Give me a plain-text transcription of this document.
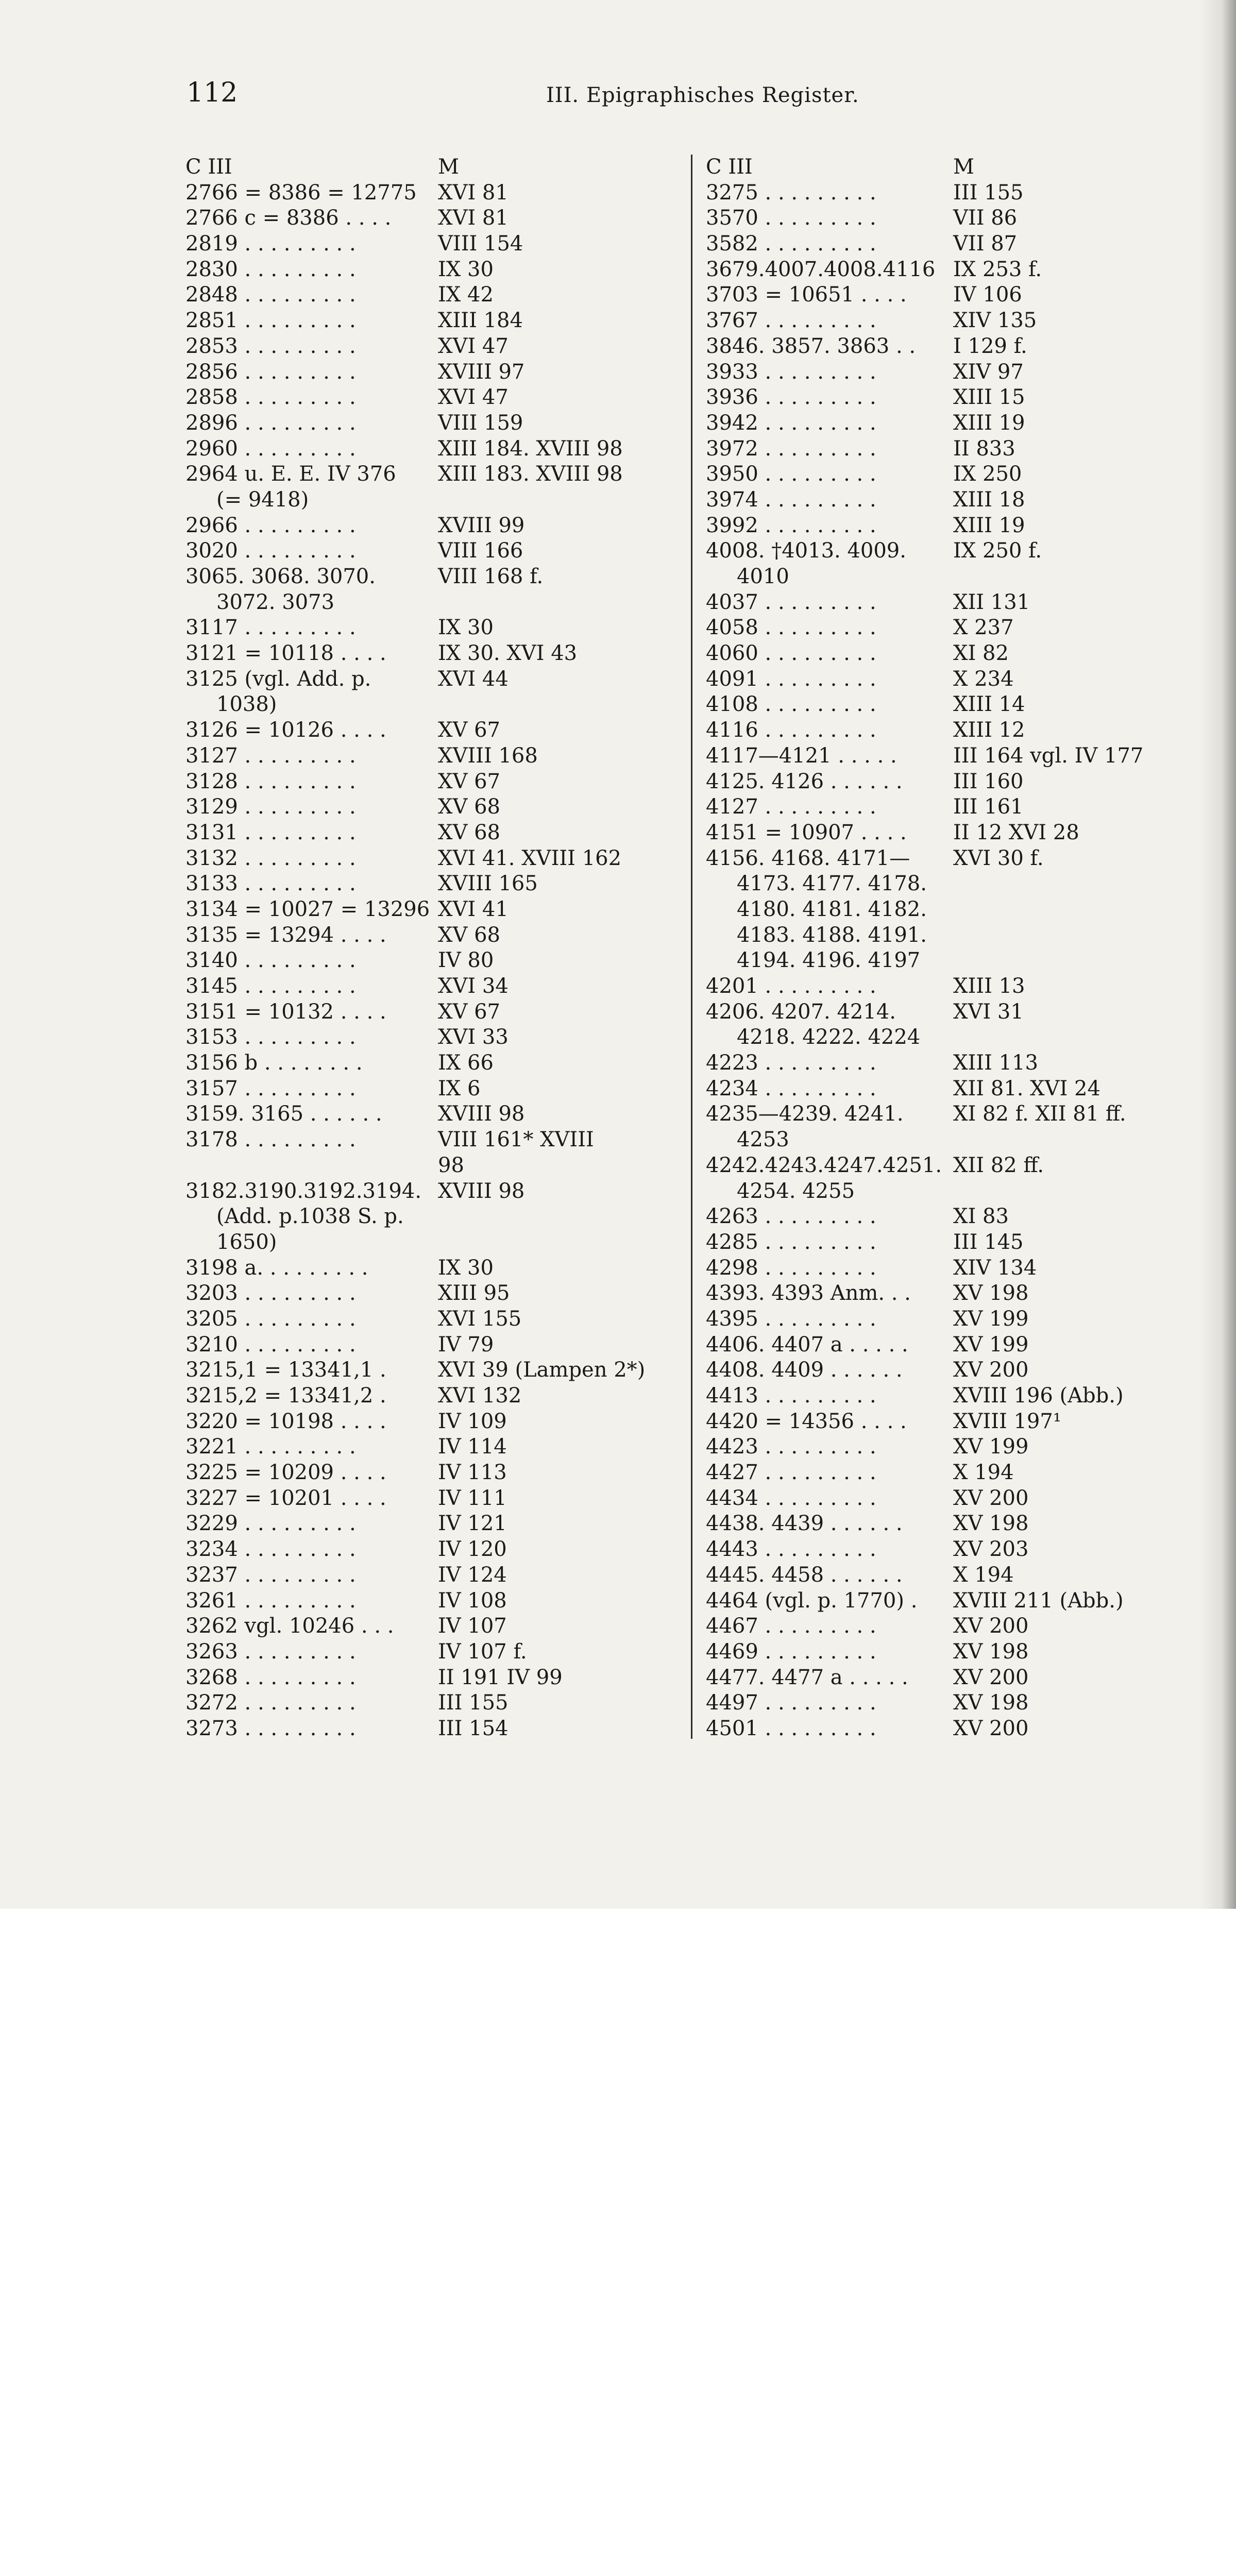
112	III. Epigraphisches Register.
C III	M
2766 = 8386 = 12775 XVI 81
2766 c = 8386 . . . . XVI 81
2819 . . . . . . . . .	VIII 154
2830 . . . . . . . . .	IX 30
2848 . . . . . . . . .	IX 42
2851 . . . . . . . . .	XIII 184
2853 . . . . . . . . .	XVI 47
2856 . . . . . . . . .	XVIII 97
2858 . . . . . . . . .	XVI 47
2896 . . . . . . . . .	VIII 159
2960 . . . . . . . . .	XIII 184. XVIII 98
2964 u. E. E. IV 376 XIII 183. XVIII 98
(= 9418)
2966 . . . . . . . . .	XVIII 99
3020 . . . . . . . . .	VIII 166
3065. 3068. 3070.	VIII 168 f.
3072. 3073
3117 . . . . . . . . .	IX 30
3121 = 10118 . . . .	IX 30. XVI 43
3125 (vgl. Add. p.	XVI 44
1038)
3126 = 10126 . . . .	XV 67
3127 . . . . . . . . .	XVIII 168
3128 . . . . . . . . .	XV 67
3129 . . . . . . . . .	XV 68
3131 . . . . . . . . .	XV 68
3132 . . . . . . . . .	XVI 41. XVIII 162
3133 . . . . . . . . .	XVIII 165
3134 = 10027 = 13296 XVI 41
3135 = 13294 . . . .	XV 68
3140 . . . . . . . . .	IV 80
3145 . . . . . . . . .	XVI 34
3151 = 10132 . . . .	XV 67
3153 . . . . . . . . .	XVI 33
3156 b . . . . . . . .	IX 66
3157 . . . . . . . . .	IX 6
3159. 3165 . . . . . .	XVIII 98
3178 . . . . . . . . .	VIII 161* XVIII
98
3182.3190.3192.3194. XVIII 98
(Add. p.1038 S. p.
1650)
3198 a. . . . . . . . .	IX 30
3203 . . . . . . . . .	XIII 95
3205 . . . . . . . . .	XVI 155
3210 . . . . . . . . .	IV 79
3215,1 = 13341,1 .	XVI 39 (Lampen 2*)
3215,2 = 13341,2 .	XVI 132
3220 = 10198 . . . .	IV 109
3221 . . . . . . . . .	IV 114
3225 = 10209 . . . .	IV 113
3227 = 10201 . . . .	IV 111
3229 . . . . . . . . .	IV 121
3234 . . . . . . . . .	IV 120
3237 . . . . . . . . .	IV 124
3261 . . . . . . . . .	IV 108
3262 vgl. 10246 . . . IV 107
3263 . . . . . . . . .	IV 107 f.
3268 . . . . . . . . .	II 191 IV 99
3272 . . . . . . . . .	III 155
3273 . . . . . . . . .	III 154
C III	M
3275 . . . . . . . . .	III 155
3570 . . . . . . . . .	VII 86
3582 . . . . . . . . .	VII 87
3679.4007.4008.4116 IX 253 f.
3703 = 10651 . . . . IV 106
3767 . . . . . . . . .	XIV 135
3846. 3857. 3863 . . I 129 f.
3933 . . . . . . . . .	XIV 97
3936 . . . . . . . . .	XIII 15
3942 . . . . . . . . .	XIII 19
3972 . . . . . . . . .	II 833
3950 . . . . . . . . .	IX 250
3974 . . . . . . . . .	XIII 18
3992 . . . . . . . . .	XIII 19
4008. †4013. 4009. IX 250 f.
4010
4037 . . . . . . . . .	XII 131
4058 . . . . . . . . .	X 237
4060 . . . . . . . . .	XI 82
4091 . . . . . . . . .	X 234
4108 . . . . . . . . .	XIII 14
4116 . . . . . . . . .	XIII 12
4117—4121 . . . . .	III 164 vgl. IV 177
4125. 4126 . . . . . . III 160
4127 . . . . . . . . .	III 161
4151 = 10907 . . . . II 12 XVI 28
4156. 4168. 4171— XVI 30 f.
4173. 4177. 4178.
4180. 4181. 4182.
4183. 4188. 4191.
4194. 4196. 4197
4201 . . . . . . . . .	XIII 13
4206. 4207. 4214.	XVI 31
4218. 4222. 4224
4223 . . . . . . . . .	XIII 113
4234 . . . . . . . . .	XII 81. XVI 24
4235—4239. 4241. XI 82 f. XII 81 ff.
4253
4242.4243.4247.4251. XII 82 ff.
4254. 4255
4263 . . . . . . . . .	XI 83
4285 . . . . . . . . .	III 145
4298 . . . . . . . . .	XIV 134
4393. 4393 Anm. . . XV 198
4395 . . . . . . . . .	XV 199
4406. 4407 a . . . . . XV 199
4408. 4409 . . . . . . XV 200
4413 . . . . . . . . .	XVIII 196 (Abb.)
4420 = 14356 . . . . XVIII 197¹
4423 . . . . . . . . .	XV 199
4427 . . . . . . . . .	X 194
4434 . . . . . . . . .	XV 200
4438. 4439 . . . . . . XV 198
4443 . . . . . . . . .	XV 203
4445. 4458 . . . . . . X 194
4464 (vgl. p. 1770) . XVIII 211 (Abb.)
4467 . . . . . . . . .	XV 200
4469 . . . . . . . . .	XV 198
4477. 4477 a . . . . . XV 200
4497 . . . . . . . . .	XV 198
4501 . . . . . . . . .	XV 200
